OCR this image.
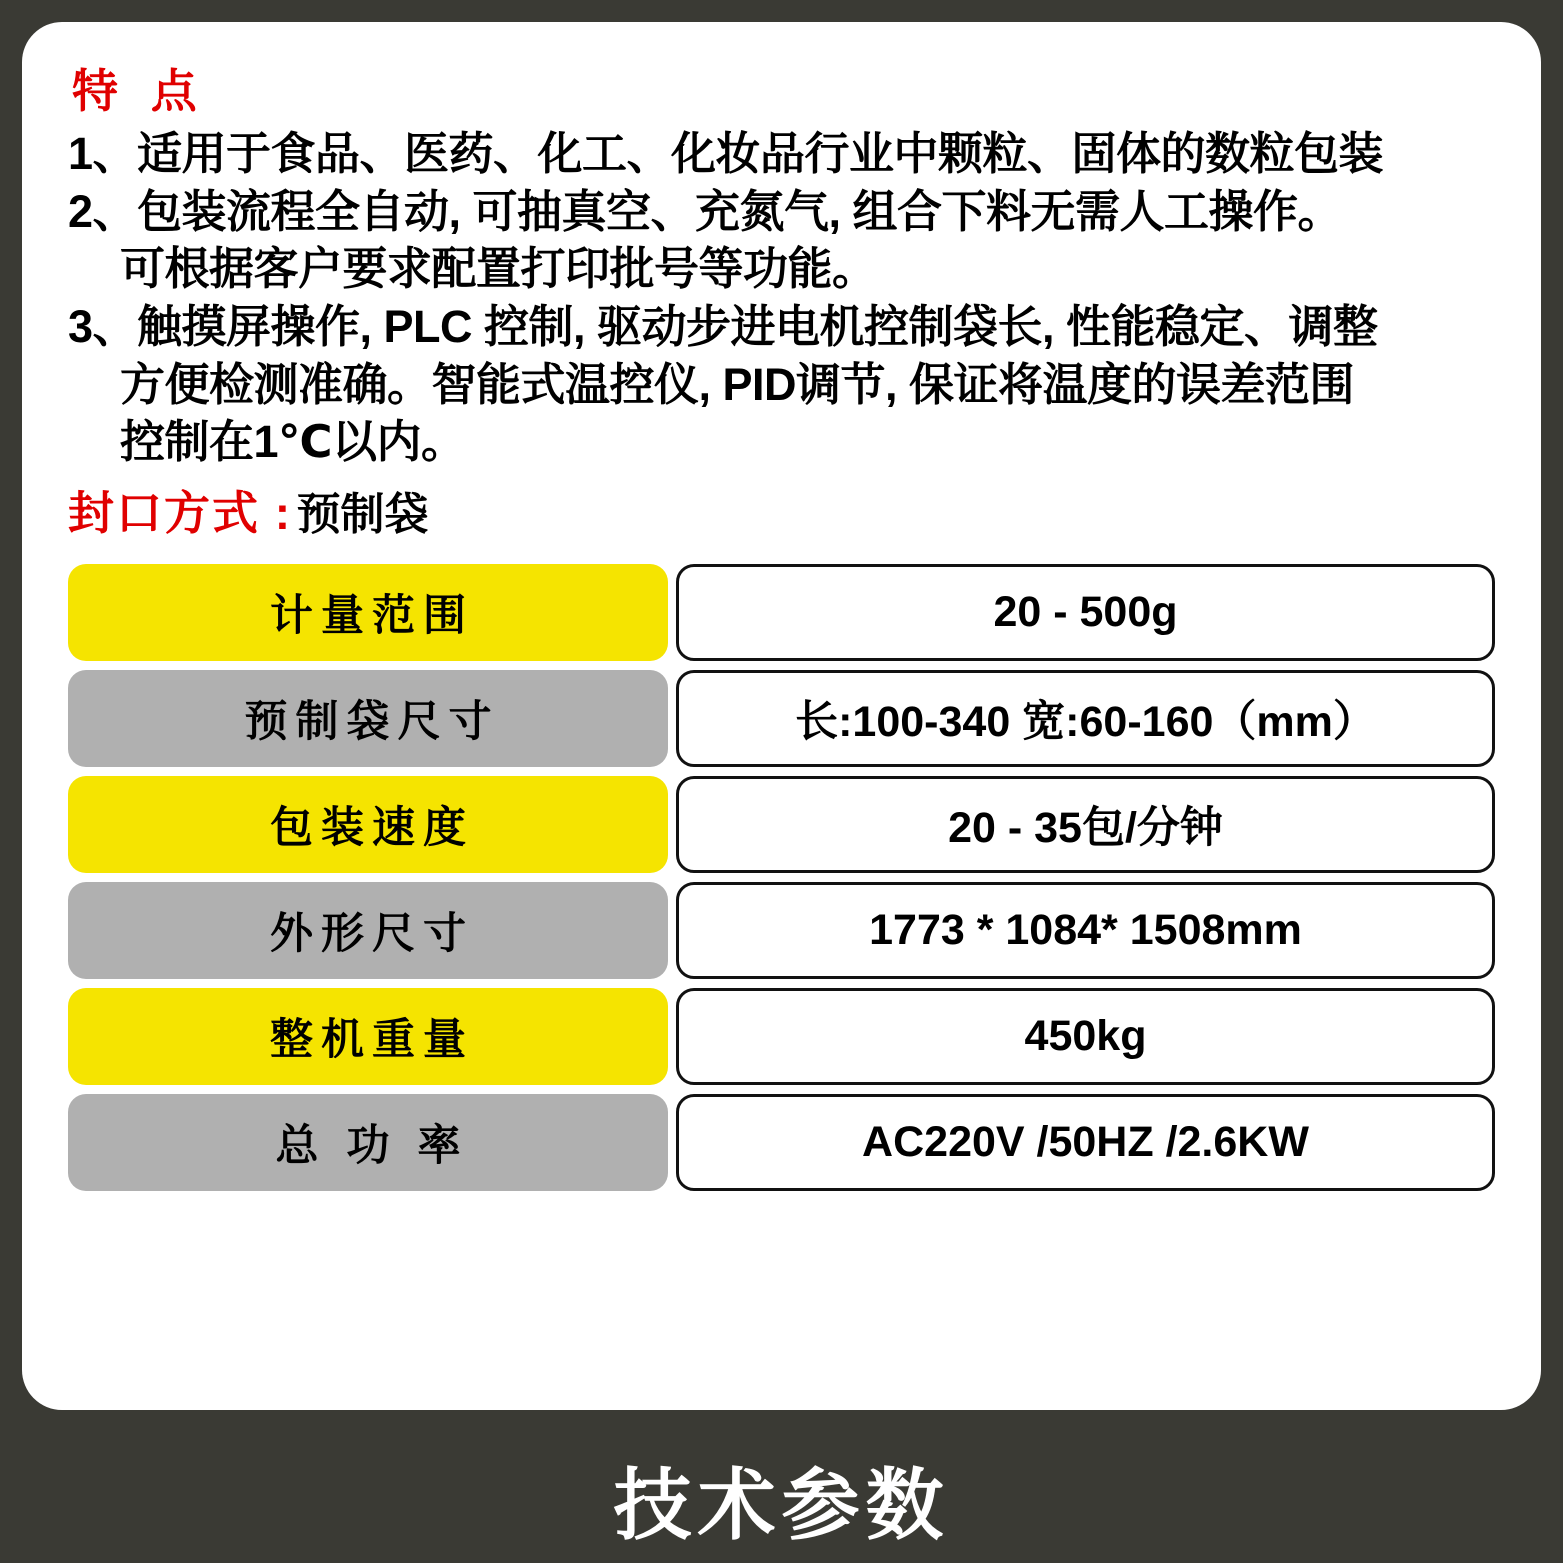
特 点
1、适用于食品、医药、化工、化妆品行业中颗粒、固体的数粒包装
2、包装流程全自动, 可抽真空、充氮气, 组合下料无需人工操作。
可根据客户要求配置打印批号等功能。
3、触摸屏操作, PLC 控制, 驱动步进电机控制袋长, 性能稳定、调整
方便检测准确。智能式温控仪, PID调节, 保证将温度的误差范围
控制在1℃以内。
封口方式 : 预制袋
计量范围	20 - 500g
预制袋尺寸	长:100-340 宽:60-160（mm）
包装速度	20 - 35包/分钟
外形尺寸	1773 * 1084* 1508mm
整机重量	450kg
总 功 率	AC220V /50HZ /2.6KW
技术参数
